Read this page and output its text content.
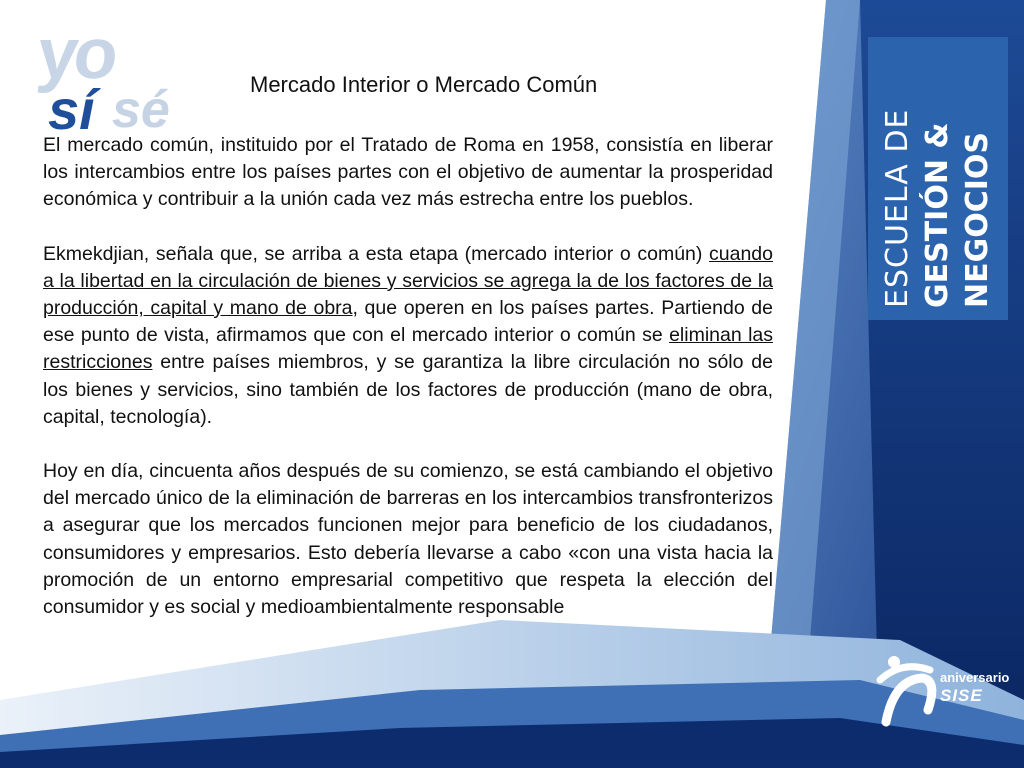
yo
sí sé	Mercado Interior o Mercado Común

El mercado común, instituido por el Tratado de Roma en 1958, consistía en liberar los intercambios entre los países partes con el objetivo de aumentar la prosperidad económica y contribuir a la unión cada vez más estrecha entre los pueblos.

Ekmekdjian, señala que, se arriba a esta etapa (mercado interior o común) cuando a la libertad en la circulación de bienes y servicios se agrega la de los factores de la producción, capital y mano de obra, que operen en los países partes. Partiendo de ese punto de vista, afirmamos que con el mercado interior o común se eliminan las restricciones entre países miembros, y se garantiza la libre circulación no sólo de los bienes y servicios, sino también de los factores de producción (mano de obra, capital, tecnología).

Hoy en día, cincuenta años después de su comienzo, se está cambiando el objetivo del mercado único de la eliminación de barreras en los intercambios transfronterizos a asegurar que los mercados funcionen mejor para beneficio de los ciudadanos, consumidores y empresarios. Esto debería llevarse a cabo «con una vista hacia la promoción de un entorno empresarial competitivo que respeta la elección del consumidor y es social y medioambientalmente responsable

ESCUELA DE GESTIÓN & NEGOCIOS
aniversario
SISE
